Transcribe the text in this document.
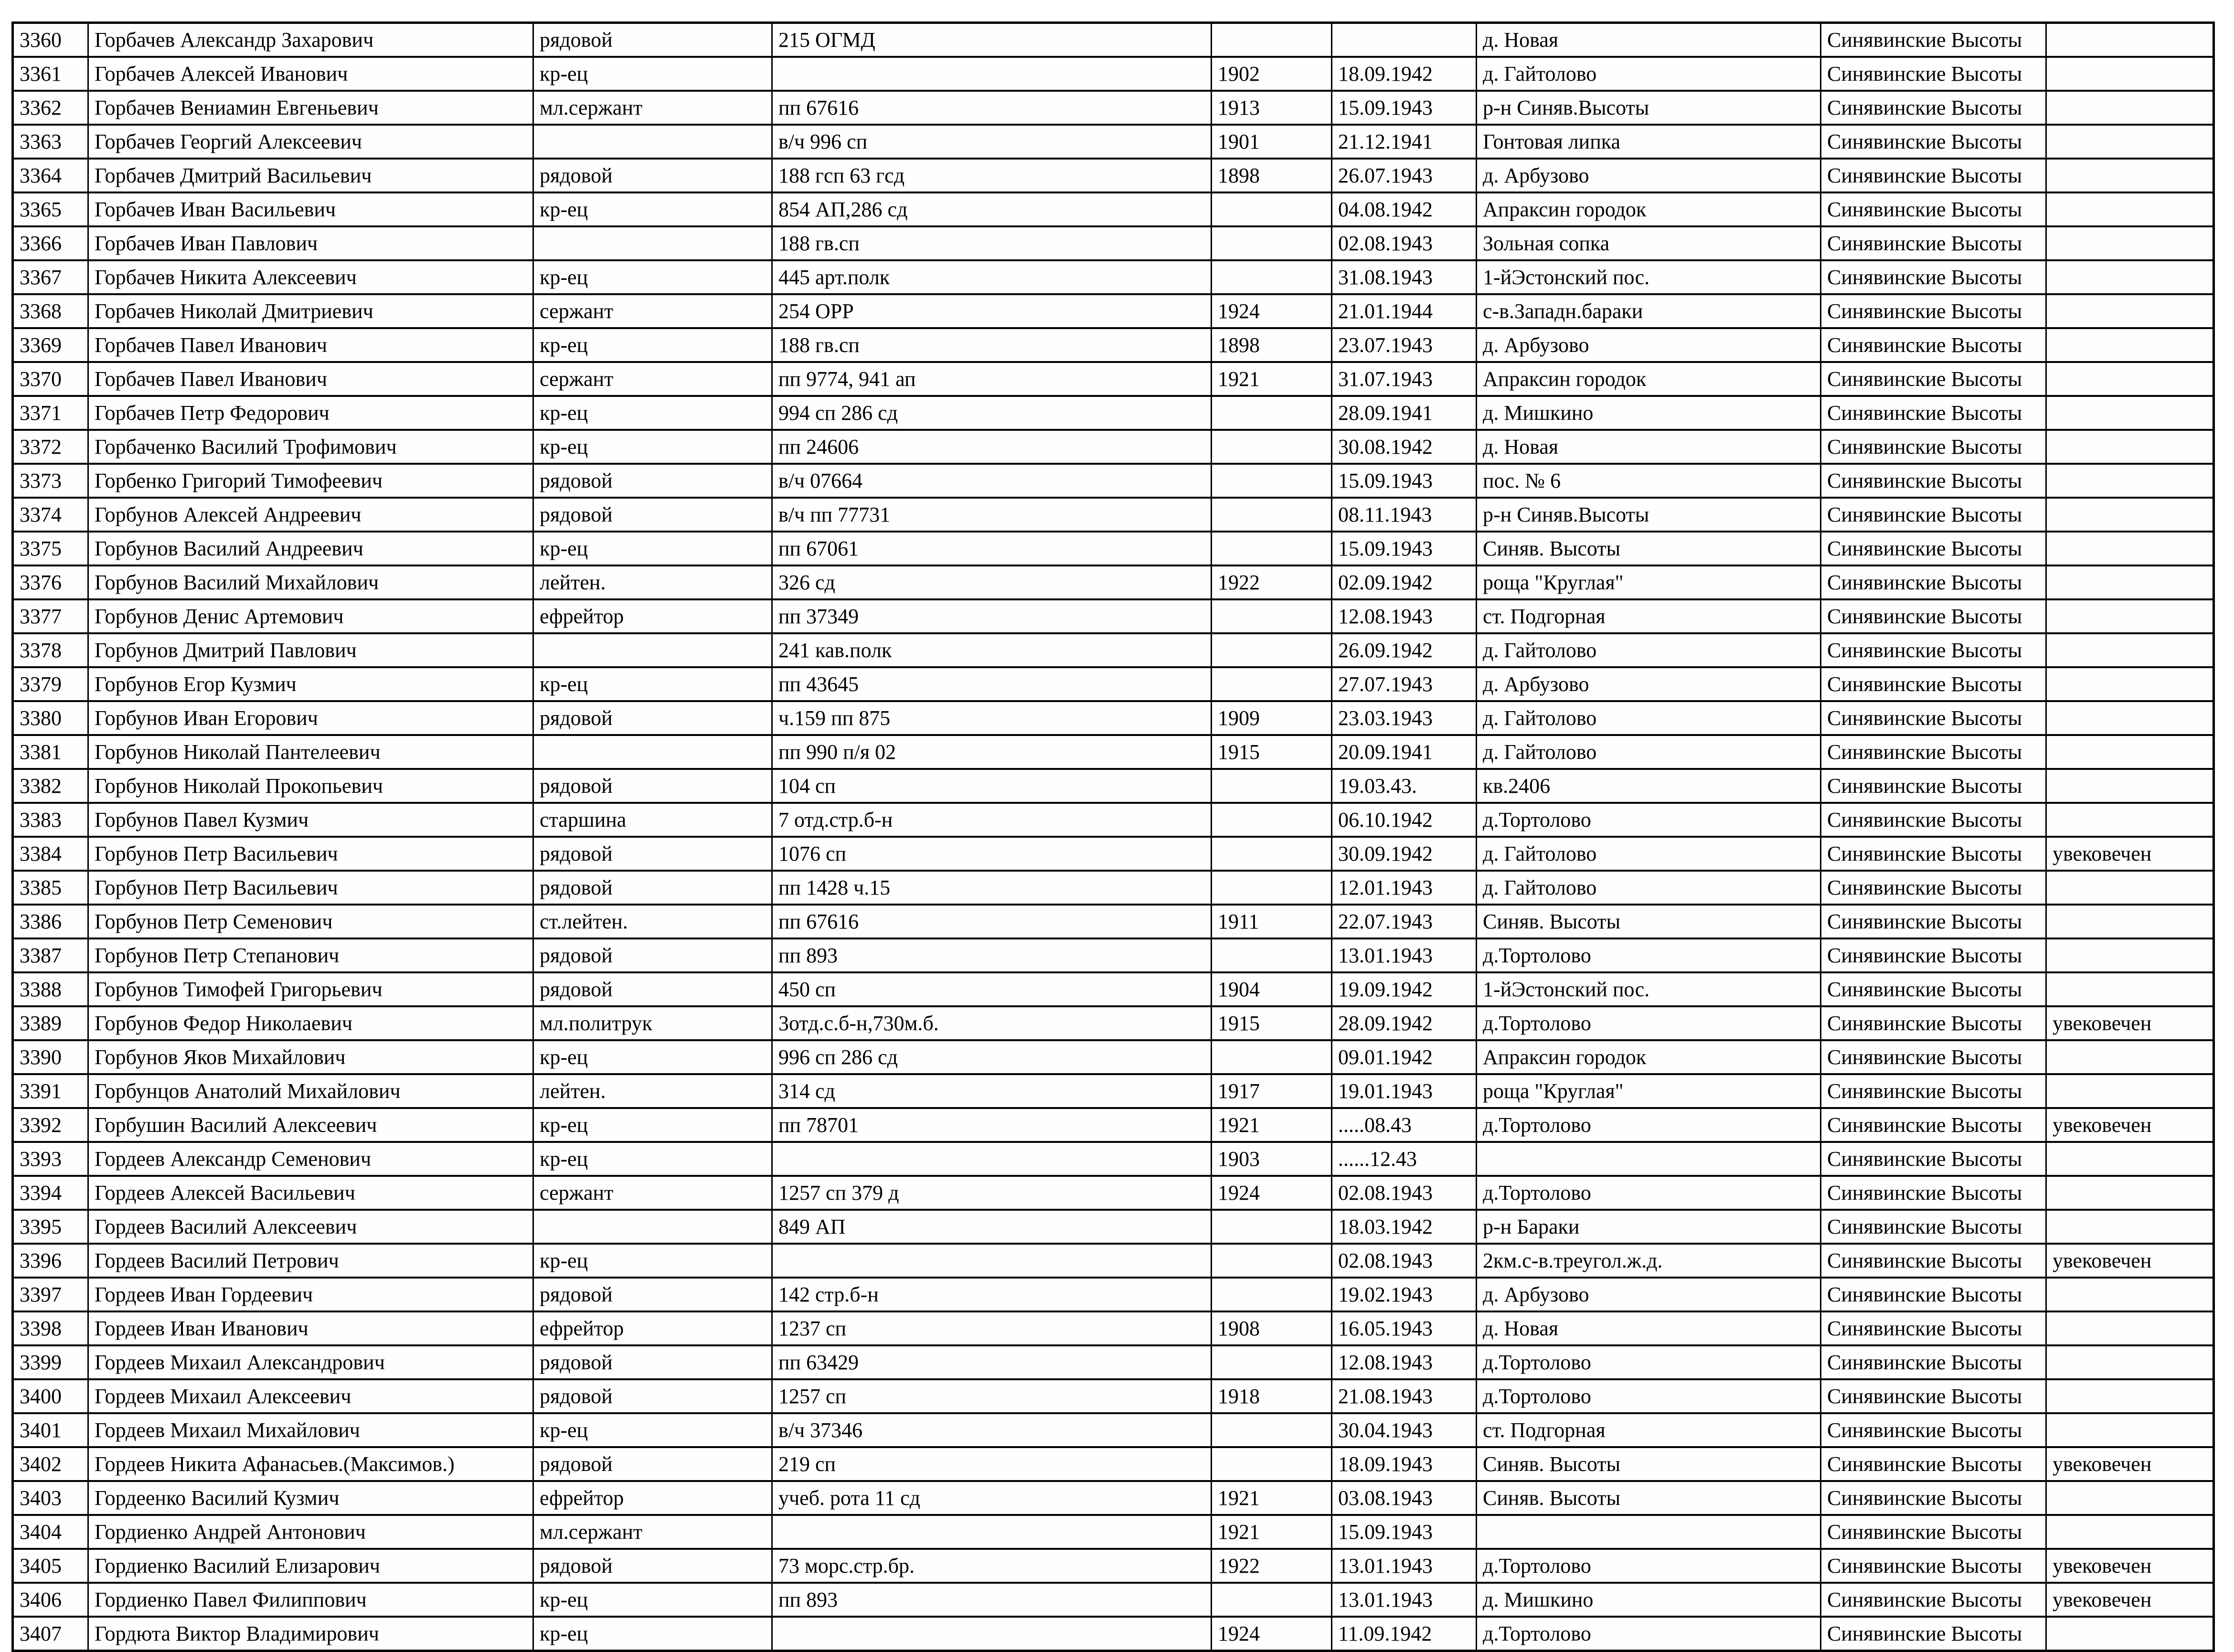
3360	Горбачев Александр Захарович	рядовой	215 ОГМД			д. Новая	Синявинские Высоты	
3361	Горбачев Алексей Иванович	кр-ец		1902	18.09.1942	д. Гайтолово	Синявинские Высоты	
3362	Горбачев Вениамин Евгеньевич	мл.сержант	пп 67616	1913	15.09.1943	р-н Синяв.Высоты	Синявинские Высоты	
3363	Горбачев Георгий Алексеевич		в/ч 996 сп	1901	21.12.1941	Гонтовая липка	Синявинские Высоты	
3364	Горбачев Дмитрий Васильевич	рядовой	188 гсп 63 гсд	1898	26.07.1943	д. Арбузово	Синявинские Высоты	
3365	Горбачев Иван Васильевич	кр-ец	854 АП,286 сд		04.08.1942	Апраксин городок	Синявинские Высоты	
3366	Горбачев Иван Павлович		188 гв.сп		02.08.1943	Зольная сопка	Синявинские Высоты	
3367	Горбачев Никита Алексеевич	кр-ец	445 арт.полк		31.08.1943	1-йЭстонский пос.	Синявинские Высоты	
3368	Горбачев Николай Дмитриевич	сержант	254 ОРР	1924	21.01.1944	с-в.Западн.бараки	Синявинские Высоты	
3369	Горбачев Павел Иванович	кр-ец	188 гв.сп	1898	23.07.1943	д. Арбузово	Синявинские Высоты	
3370	Горбачев Павел Иванович	сержант	пп 9774, 941 ап	1921	31.07.1943	Апраксин городок	Синявинские Высоты	
3371	Горбачев Петр Федорович	кр-ец	994 сп 286 сд		28.09.1941	д. Мишкино	Синявинские Высоты	
3372	Горбаченко Василий Трофимович	кр-ец	пп 24606		30.08.1942	д. Новая	Синявинские Высоты	
3373	Горбенко Григорий Тимофеевич	рядовой	в/ч 07664		15.09.1943	пос. № 6	Синявинские Высоты	
3374	Горбунов Алексей Андреевич	рядовой	в/ч пп 77731		08.11.1943	р-н Синяв.Высоты	Синявинские Высоты	
3375	Горбунов Василий Андреевич	кр-ец	пп 67061		15.09.1943	Синяв. Высоты	Синявинские Высоты	
3376	Горбунов Василий Михайлович	лейтен.	326 сд	1922	02.09.1942	роща "Круглая"	Синявинские Высоты	
3377	Горбунов Денис Артемович	ефрейтор	пп 37349		12.08.1943	ст. Подгорная	Синявинские Высоты	
3378	Горбунов Дмитрий Павлович		241 кав.полк		26.09.1942	д. Гайтолово	Синявинские Высоты	
3379	Горбунов Егор Кузмич	кр-ец	пп 43645		27.07.1943	д. Арбузово	Синявинские Высоты	
3380	Горбунов Иван Егорович	рядовой	ч.159 пп 875	1909	23.03.1943	д. Гайтолово	Синявинские Высоты	
3381	Горбунов Николай Пантелеевич		пп 990 п/я 02	1915	20.09.1941	д. Гайтолово	Синявинские Высоты	
3382	Горбунов Николай Прокопьевич	рядовой	104 сп		19.03.43.	кв.2406	Синявинские Высоты	
3383	Горбунов Павел Кузмич	старшина	7 отд.стр.б-н		06.10.1942	д.Тортолово	Синявинские Высоты	
3384	Горбунов Петр Васильевич	рядовой	1076 сп		30.09.1942	д. Гайтолово	Синявинские Высоты	увековечен
3385	Горбунов Петр Васильевич	рядовой	пп 1428 ч.15		12.01.1943	д. Гайтолово	Синявинские Высоты	
3386	Горбунов Петр Семенович	ст.лейтен.	пп 67616	1911	22.07.1943	Синяв. Высоты	Синявинские Высоты	
3387	Горбунов Петр Степанович	рядовой	пп 893		13.01.1943	д.Тортолово	Синявинские Высоты	
3388	Горбунов Тимофей Григорьевич	рядовой	450 сп	1904	19.09.1942	1-йЭстонский пос.	Синявинские Высоты	
3389	Горбунов Федор Николаевич	мл.политрук	3отд.с.б-н,730м.б.	1915	28.09.1942	д.Тортолово	Синявинские Высоты	увековечен
3390	Горбунов Яков Михайлович	кр-ец	996 сп 286 сд		09.01.1942	Апраксин городок	Синявинские Высоты	
3391	Горбунцов Анатолий Михайлович	лейтен.	314 сд	1917	19.01.1943	роща "Круглая"	Синявинские Высоты	
3392	Горбушин Василий Алексеевич	кр-ец	пп 78701	1921	.....08.43	д.Тортолово	Синявинские Высоты	увековечен
3393	Гордеев Александр Семенович	кр-ец		1903	......12.43		Синявинские Высоты	
3394	Гордеев Алексей Васильевич	сержант	1257 сп 379 д	1924	02.08.1943	д.Тортолово	Синявинские Высоты	
3395	Гордеев Василий Алексеевич		849 АП		18.03.1942	р-н Бараки	Синявинские Высоты	
3396	Гордеев Василий Петрович	кр-ец			02.08.1943	2км.с-в.треугол.ж.д.	Синявинские Высоты	увековечен
3397	Гордеев Иван Гордеевич	рядовой	142 стр.б-н		19.02.1943	д. Арбузово	Синявинские Высоты	
3398	Гордеев Иван Иванович	ефрейтор	1237 сп	1908	16.05.1943	д. Новая	Синявинские Высоты	
3399	Гордеев Михаил Александрович	рядовой	пп 63429		12.08.1943	д.Тортолово	Синявинские Высоты	
3400	Гордеев Михаил Алексеевич	рядовой	1257 сп	1918	21.08.1943	д.Тортолово	Синявинские Высоты	
3401	Гордеев Михаил Михайлович	кр-ец	в/ч 37346		30.04.1943	ст. Подгорная	Синявинские Высоты	
3402	Гордеев Никита Афанасьев.(Максимов.)	рядовой	219 сп		18.09.1943	Синяв. Высоты	Синявинские Высоты	увековечен
3403	Гордеенко Василий Кузмич	ефрейтор	учеб. рота 11 сд	1921	03.08.1943	Синяв. Высоты	Синявинские Высоты	
3404	Гордиенко Андрей Антонович	мл.сержант		1921	15.09.1943		Синявинские Высоты	
3405	Гордиенко Василий Елизарович	рядовой	73 морс.стр.бр.	1922	13.01.1943	д.Тортолово	Синявинские Высоты	увековечен
3406	Гордиенко Павел Филиппович	кр-ец	пп 893		13.01.1943	д. Мишкино	Синявинские Высоты	увековечен
3407	Гордюта Виктор Владимирович	кр-ец		1924	11.09.1942	д.Тортолово	Синявинские Высоты	
